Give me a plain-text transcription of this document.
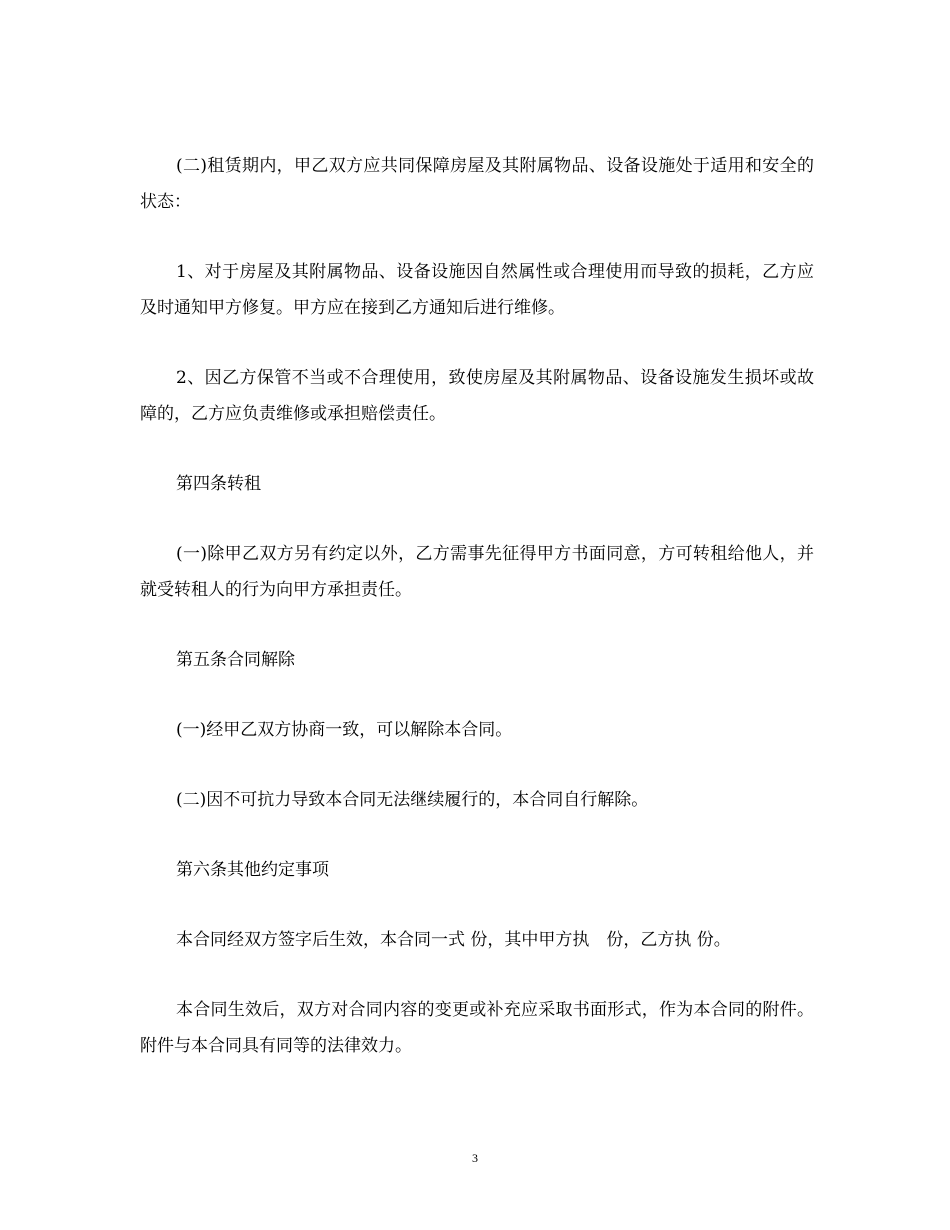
(二)租赁期内，甲乙双方应共同保障房屋及其附属物品、设备设施处于适用和安全的状态：

1、对于房屋及其附属物品、设备设施因自然属性或合理使用而导致的损耗，乙方应及时通知甲方修复。甲方应在接到乙方通知后进行维修。

2、因乙方保管不当或不合理使用，致使房屋及其附属物品、设备设施发生损坏或故障的，乙方应负责维修或承担赔偿责任。

第四条转租

(一)除甲乙双方另有约定以外，乙方需事先征得甲方书面同意，方可转租给他人，并就受转租人的行为向甲方承担责任。

第五条合同解除

(一)经甲乙双方协商一致，可以解除本合同。

(二)因不可抗力导致本合同无法继续履行的，本合同自行解除。

第六条其他约定事项

本合同经双方签字后生效，本合同一式 份，其中甲方执　份，乙方执 份。

本合同生效后，双方对合同内容的变更或补充应采取书面形式，作为本合同的附件。附件与本合同具有同等的法律效力。

3
